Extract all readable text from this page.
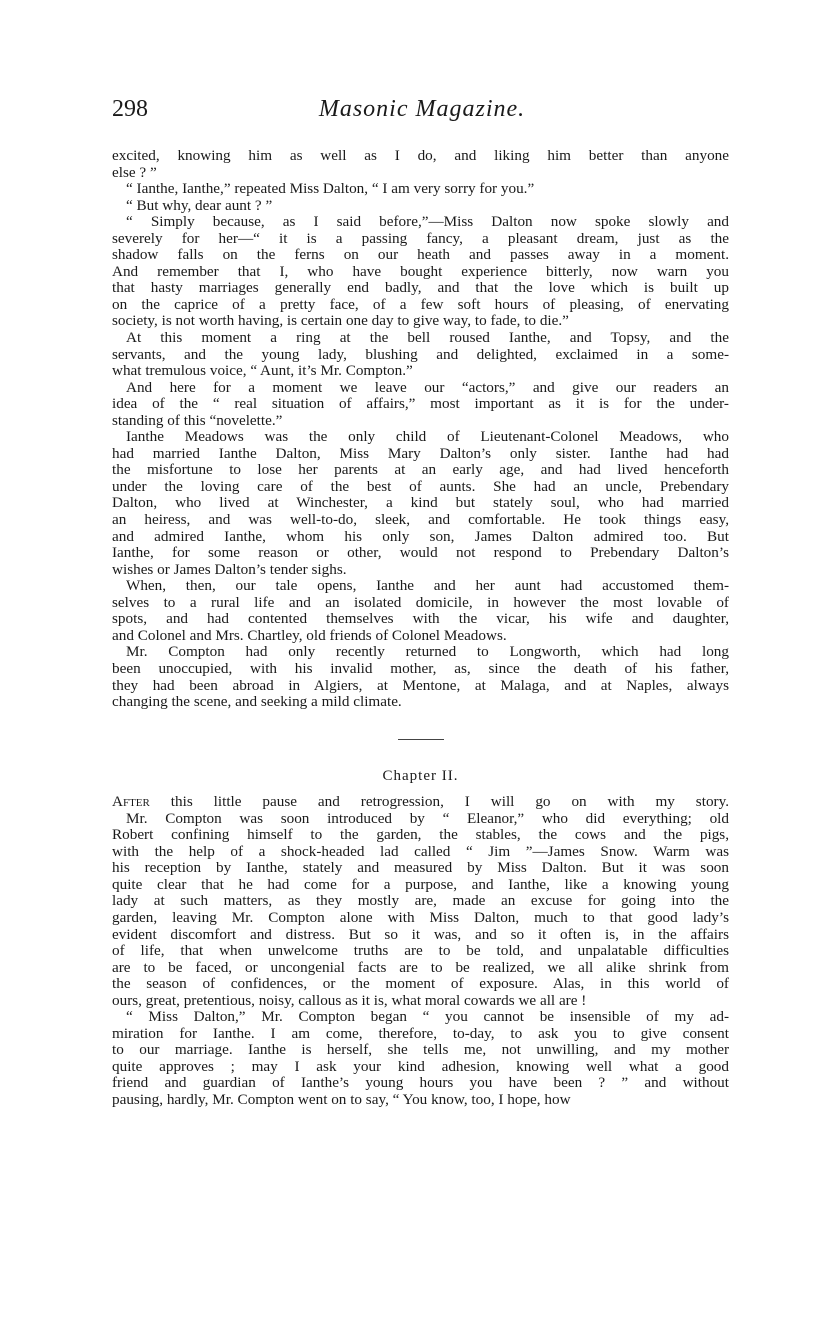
298	Masonic Magazine.
excited, knowing him as well as I do, and liking him better than anyone
else ? ”
“ Ianthe, Ianthe,” repeated Miss Dalton, “ I am very sorry for you.”
“ But why, dear aunt ? ”
“ Simply because, as I said before,”—Miss Dalton now spoke slowly and
severely for her—“ it is a passing fancy, a pleasant dream, just as the
shadow falls on the ferns on our heath and passes away in a moment.
And remember that I, who have bought experience bitterly, now warn you
that hasty marriages generally end badly, and that the love which is built up
on the caprice of a pretty face, of a few soft hours of pleasing, of enervating
society, is not worth having, is certain one day to give way, to fade, to die.”
At this moment a ring at the bell roused Ianthe, and Topsy, and the
servants, and the young lady, blushing and delighted, exclaimed in a some-
what tremulous voice, “ Aunt, it’s Mr. Compton.”
And here for a moment we leave our “actors,” and give our readers an
idea of the “ real situation of affairs,” most important as it is for the under-
standing of this “novelette.”
Ianthe Meadows was the only child of Lieutenant-Colonel Meadows, who
had married Ianthe Dalton, Miss Mary Dalton’s only sister. Ianthe had had
the misfortune to lose her parents at an early age, and had lived henceforth
under the loving care of the best of aunts. She had an uncle, Prebendary
Dalton, who lived at Winchester, a kind but stately soul, who had married
an heiress, and was well-to-do, sleek, and comfortable. He took things easy,
and admired Ianthe, whom his only son, James Dalton admired too. But
Ianthe, for some reason or other, would not respond to Prebendary Dalton’s
wishes or James Dalton’s tender sighs.
When, then, our tale opens, Ianthe and her aunt had accustomed them-
selves to a rural life and an isolated domicile, in however the most lovable of
spots, and had contented themselves with the vicar, his wife and daughter,
and Colonel and Mrs. Chartley, old friends of Colonel Meadows.
Mr. Compton had only recently returned to Longworth, which had long
been unoccupied, with his invalid mother, as, since the death of his father,
they had been abroad in Algiers, at Mentone, at Malaga, and at Naples, always
changing the scene, and seeking a mild climate.
Chapter II.
After this little pause and retrogression, I will go on with my story.
Mr. Compton was soon introduced by “ Eleanor,” who did everything; old
Robert confining himself to the garden, the stables, the cows and the pigs,
with the help of a shock-headed lad called “ Jim ”—James Snow. Warm was
his reception by Ianthe, stately and measured by Miss Dalton. But it was soon
quite clear that he had come for a purpose, and Ianthe, like a knowing young
lady at such matters, as they mostly are, made an excuse for going into the
garden, leaving Mr. Compton alone with Miss Dalton, much to that good lady’s
evident discomfort and distress. But so it was, and so it often is, in the affairs
of life, that when unwelcome truths are to be told, and unpalatable difficulties
are to be faced, or uncongenial facts are to be realized, we all alike shrink from
the season of confidences, or the moment of exposure. Alas, in this world of
ours, great, pretentious, noisy, callous as it is, what moral cowards we all are !
“ Miss Dalton,” Mr. Compton began “ you cannot be insensible of my ad-
miration for Ianthe. I am come, therefore, to-day, to ask you to give consent
to our marriage. Ianthe is herself, she tells me, not unwilling, and my mother
quite approves ; may I ask your kind adhesion, knowing well what a good
friend and guardian of Ianthe’s young hours you have been ? ” and without
pausing, hardly, Mr. Compton went on to say, “ You know, too, I hope, how
